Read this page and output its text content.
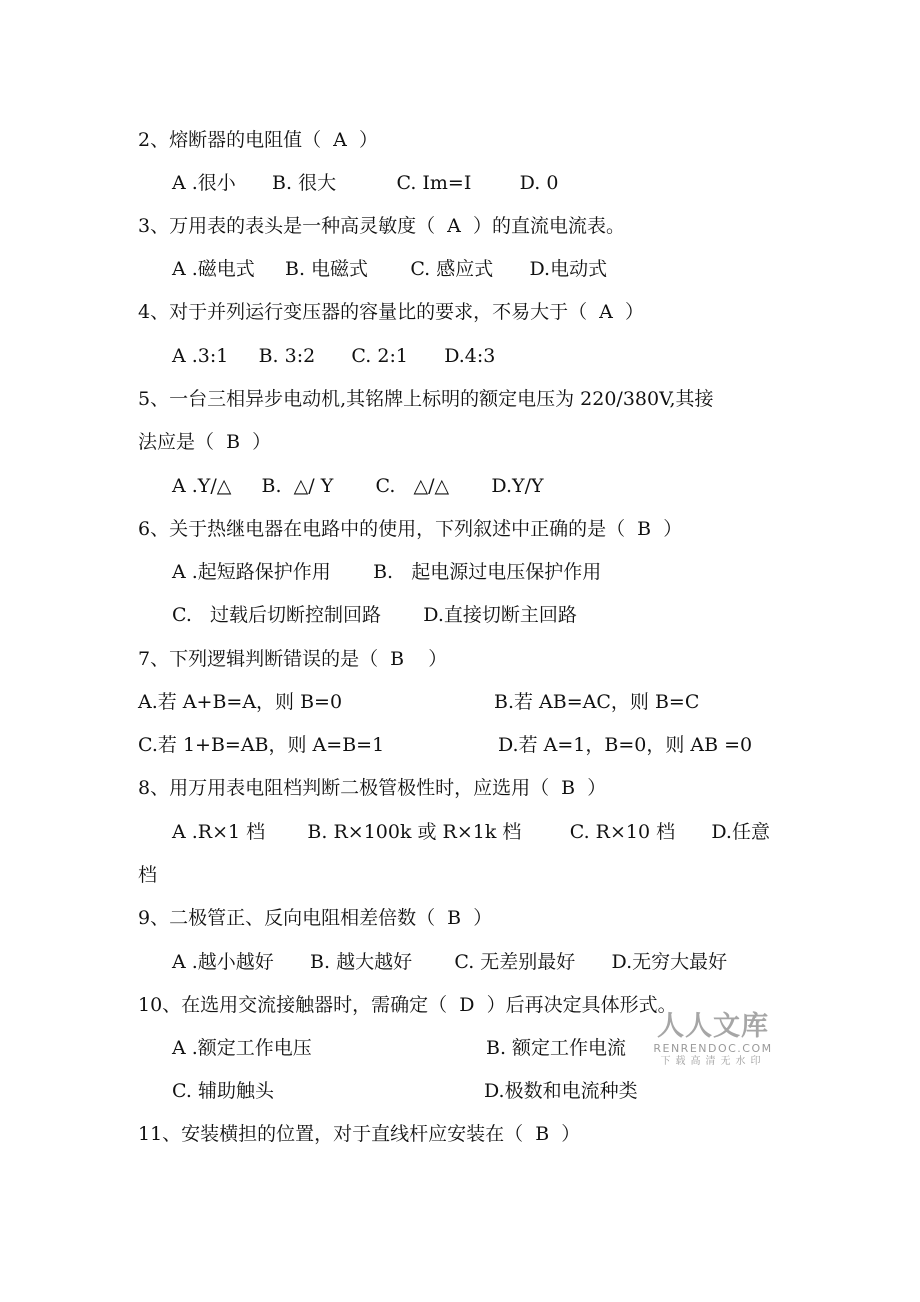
2、熔断器的电阻值（  A  ）
A .很小      B. 很大          C. Im=I        D. 0
3、万用表的表头是一种高灵敏度（  A  ）的直流电流表。
A .磁电式     B. 电磁式       C. 感应式      D.电动式
4、对于并列运行变压器的容量比的要求，不易大于（  A  ）
A .3:1     B. 3:2      C. 2:1      D.4:3
5、一台三相异步电动机,其铭牌上标明的额定电压为 220/380V,其接
法应是（  B  ）
A .Y/△     B.  △/ Y       C.   △/△       D.Y/Y
6、关于热继电器在电路中的使用，下列叙述中正确的是（  B  ）
A .起短路保护作用       B.   起电源过电压保护作用
C.   过载后切断控制回路       D.直接切断主回路
7、下列逻辑判断错误的是（  B    ）
A.若 A+B=A，则 B=0	B.若 AB=AC，则 B=C
C.若 1+B=AB，则 A=B=1	D.若 A=1，B=0，则 AB =0
8、用万用表电阻档判断二极管极性时，应选用（  B  ）
A .R×1 档       B. R×100k 或 R×1k 档        C. R×10 档      D.任意
档
9、二极管正、反向电阻相差倍数（  B  ）
A .越小越好      B. 越大越好       C. 无差别最好      D.无穷大最好
10、在选用交流接触器时，需确定（  D  ）后再决定具体形式。
A .额定工作电压	B. 额定工作电流
C. 辅助触头	D.极数和电流种类
11、安装横担的位置，对于直线杆应安装在（  B  ）
人人文库
RENRENDOC.COM
下载高清无水印
